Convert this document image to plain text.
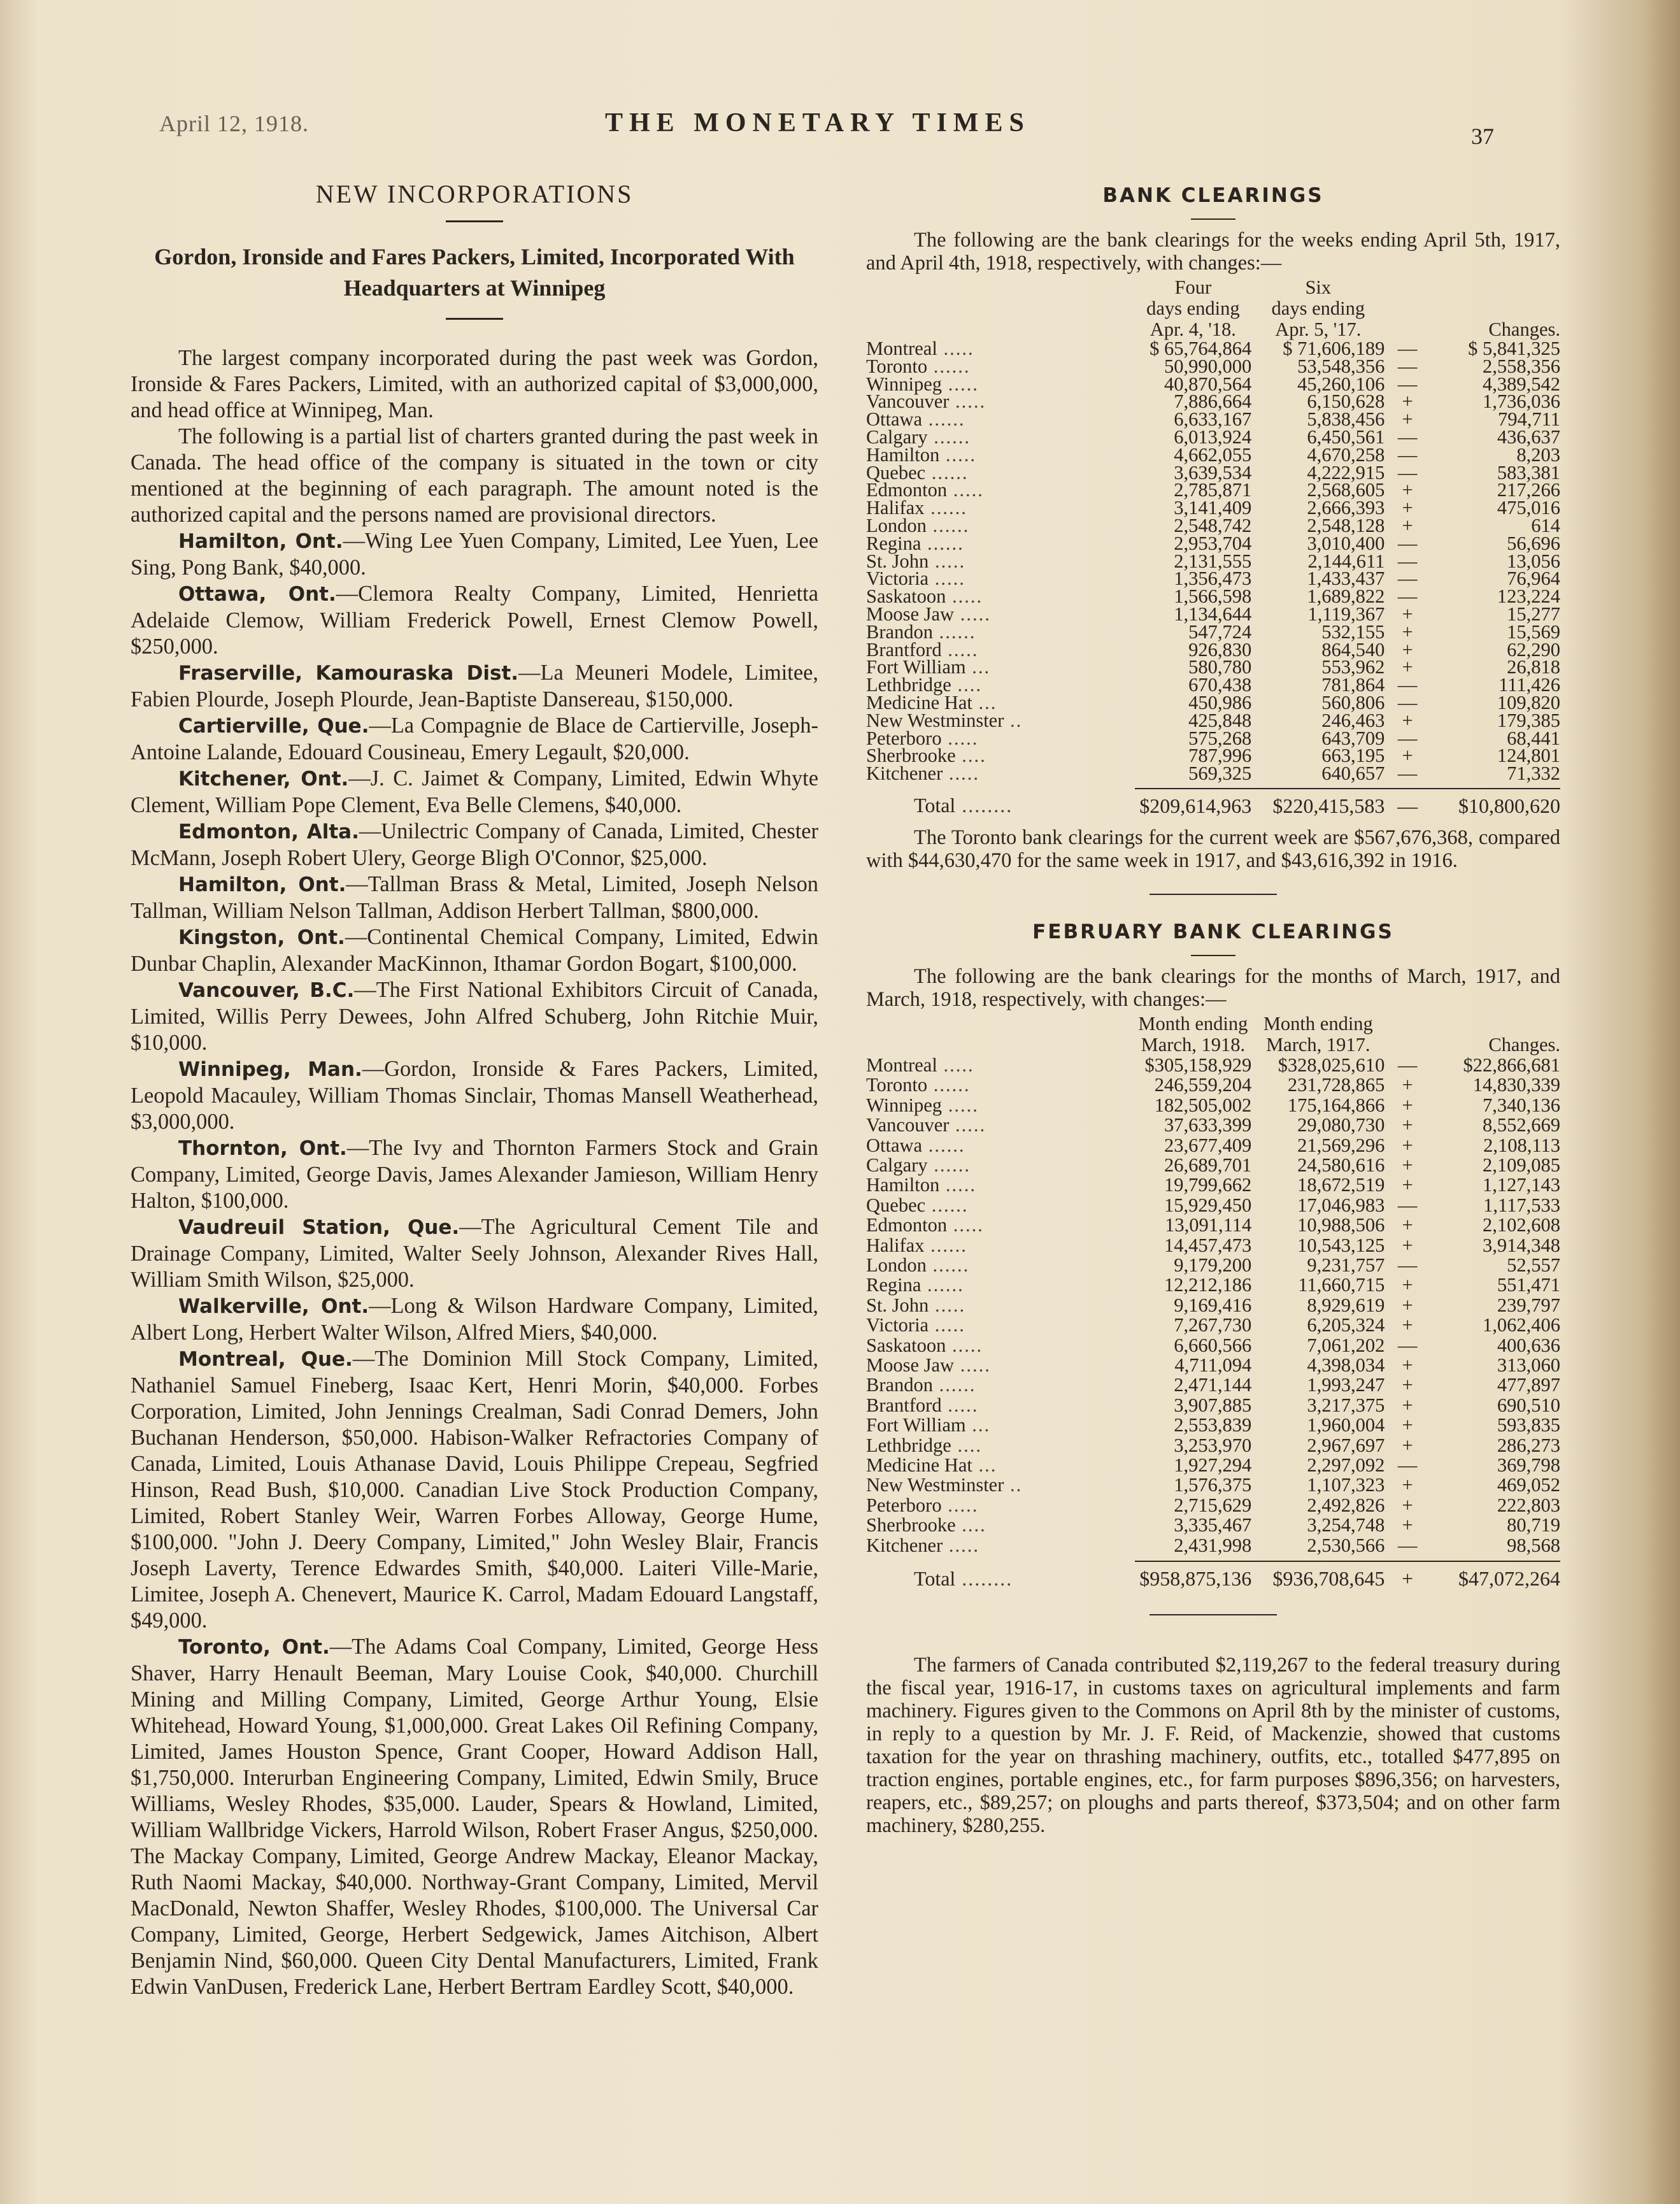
April 12, 1918.	THE MONETARY TIMES	37
NEW INCORPORATIONS
Gordon, Ironside and Fares Packers, Limited, Incorporated With Headquarters at Winnipeg

The largest company incorporated during the past week was Gordon, Ironside & Fares Packers, Limited, with an authorized capital of $3,000,000, and head office at Winnipeg, Man.

The following is a partial list of charters granted during the past week in Canada. The head office of the company is situated in the town or city mentioned at the beginning of each paragraph. The amount noted is the authorized capital and the persons named are provisional directors.

Hamilton, Ont.—Wing Lee Yuen Company, Limited, Lee Yuen, Lee Sing, Pong Bank, $40,000.

Ottawa, Ont.—Clemora Realty Company, Limited, Henrietta Adelaide Clemow, William Frederick Powell, Ernest Clemow Powell, $250,000.

Fraserville, Kamouraska Dist.—La Meuneri Modele, Limitee, Fabien Plourde, Joseph Plourde, Jean-Baptiste Dansereau, $150,000.

Cartierville, Que.—La Compagnie de Blace de Cartierville, Joseph-Antoine Lalande, Edouard Cousineau, Emery Legault, $20,000.

Kitchener, Ont.—J. C. Jaimet & Company, Limited, Edwin Whyte Clement, William Pope Clement, Eva Belle Clemens, $40,000.

Edmonton, Alta.—Unilectric Company of Canada, Limited, Chester McMann, Joseph Robert Ulery, George Bligh O'Connor, $25,000.

Hamilton, Ont.—Tallman Brass & Metal, Limited, Joseph Nelson Tallman, William Nelson Tallman, Addison Herbert Tallman, $800,000.

Kingston, Ont.—Continental Chemical Company, Limited, Edwin Dunbar Chaplin, Alexander MacKinnon, Ithamar Gordon Bogart, $100,000.

Vancouver, B.C.—The First National Exhibitors Circuit of Canada, Limited, Willis Perry Dewees, John Alfred Schuberg, John Ritchie Muir, $10,000.

Winnipeg, Man.—Gordon, Ironside & Fares Packers, Limited, Leopold Macauley, William Thomas Sinclair, Thomas Mansell Weatherhead, $3,000,000.

Thornton, Ont.—The Ivy and Thornton Farmers Stock and Grain Company, Limited, George Davis, James Alexander Jamieson, William Henry Halton, $100,000.

Vaudreuil Station, Que.—The Agricultural Cement Tile and Drainage Company, Limited, Walter Seely Johnson, Alexander Rives Hall, William Smith Wilson, $25,000.

Walkerville, Ont.—Long & Wilson Hardware Company, Limited, Albert Long, Herbert Walter Wilson, Alfred Miers, $40,000.

Montreal, Que.—The Dominion Mill Stock Company, Limited, Nathaniel Samuel Fineberg, Isaac Kert, Henri Morin, $40,000. Forbes Corporation, Limited, John Jennings Crealman, Sadi Conrad Demers, John Buchanan Henderson, $50,000. Habison-Walker Refractories Company of Canada, Limited, Louis Athanase David, Louis Philippe Crepeau, Segfried Hinson, Read Bush, $10,000. Canadian Live Stock Production Company, Limited, Robert Stanley Weir, Warren Forbes Alloway, George Hume, $100,000. "John J. Deery Company, Limited," John Wesley Blair, Francis Joseph Laverty, Terence Edwardes Smith, $40,000. Laiteri Ville-Marie, Limitee, Joseph A. Chenevert, Maurice K. Carrol, Madam Edouard Langstaff, $49,000.

Toronto, Ont.—The Adams Coal Company, Limited, George Hess Shaver, Harry Henault Beeman, Mary Louise Cook, $40,000. Churchill Mining and Milling Company, Limited, George Arthur Young, Elsie Whitehead, Howard Young, $1,000,000. Great Lakes Oil Refining Company, Limited, James Houston Spence, Grant Cooper, Howard Addison Hall, $1,750,000. Interurban Engineering Company, Limited, Edwin Smily, Bruce Williams, Wesley Rhodes, $35,000. Lauder, Spears & Howland, Limited, William Wallbridge Vickers, Harrold Wilson, Robert Fraser Angus, $250,000. The Mackay Company, Limited, George Andrew Mackay, Eleanor Mackay, Ruth Naomi Mackay, $40,000. Northway-Grant Company, Limited, Mervil MacDonald, Newton Shaffer, Wesley Rhodes, $100,000. The Universal Car Company, Limited, George, Herbert Sedgewick, James Aitchison, Albert Benjamin Nind, $60,000. Queen City Dental Manufacturers, Limited, Frank Edwin VanDusen, Frederick Lane, Herbert Bertram Eardley Scott, $40,000.

BANK CLEARINGS

The following are the bank clearings for the weeks ending April 5th, 1917, and April 4th, 1918, respectively, with changes:—

	Four	Six		
	days ending	days ending		
	Apr. 4, '18.	Apr. 5, '17.	Changes.	
Montreal .....	$ 65,764,864	$ 71,606,189	—	$ 5,841,325
Toronto ......	50,990,000	53,548,356	—	2,558,356
Winnipeg .....	40,870,564	45,260,106	—	4,389,542
Vancouver .....	7,886,664	6,150,628	+	1,736,036
Ottawa ......	6,633,167	5,838,456	+	794,711
Calgary ......	6,013,924	6,450,561	—	436,637
Hamilton .....	4,662,055	4,670,258	—	8,203
Quebec ......	3,639,534	4,222,915	—	583,381
Edmonton .....	2,785,871	2,568,605	+	217,266
Halifax ......	3,141,409	2,666,393	+	475,016
London ......	2,548,742	2,548,128	+	614
Regina ......	2,953,704	3,010,400	—	56,696
St. John .....	2,131,555	2,144,611	—	13,056
Victoria .....	1,356,473	1,433,437	—	76,964
Saskatoon .....	1,566,598	1,689,822	—	123,224
Moose Jaw .....	1,134,644	1,119,367	+	15,277
Brandon ......	547,724	532,155	+	15,569
Brantford .....	926,830	864,540	+	62,290
Fort William ...	580,780	553,962	+	26,818
Lethbridge ....	670,438	781,864	—	111,426
Medicine Hat ...	450,986	560,806	—	109,820
New Westminster ..	425,848	246,463	+	179,385
Peterboro .....	575,268	643,709	—	68,441
Sherbrooke ....	787,996	663,195	+	124,801
Kitchener .....	569,325	640,657	—	71,332

Total ........	$209,614,963	$220,415,583	—	$10,800,620

The Toronto bank clearings for the current week are $567,676,368, compared with $44,630,470 for the same week in 1917, and $43,616,392 in 1916.

FEBRUARY BANK CLEARINGS

The following are the bank clearings for the months of March, 1917, and March, 1918, respectively, with changes:—

	Month ending	Month ending		
	March, 1918.	March, 1917.	Changes.	
Montreal .....	$305,158,929	$328,025,610	—	$22,866,681
Toronto ......	246,559,204	231,728,865	+	14,830,339
Winnipeg .....	182,505,002	175,164,866	+	7,340,136
Vancouver .....	37,633,399	29,080,730	+	8,552,669
Ottawa ......	23,677,409	21,569,296	+	2,108,113
Calgary ......	26,689,701	24,580,616	+	2,109,085
Hamilton .....	19,799,662	18,672,519	+	1,127,143
Quebec ......	15,929,450	17,046,983	—	1,117,533
Edmonton .....	13,091,114	10,988,506	+	2,102,608
Halifax ......	14,457,473	10,543,125	+	3,914,348
London ......	9,179,200	9,231,757	—	52,557
Regina ......	12,212,186	11,660,715	+	551,471
St. John .....	9,169,416	8,929,619	+	239,797
Victoria .....	7,267,730	6,205,324	+	1,062,406
Saskatoon .....	6,660,566	7,061,202	—	400,636
Moose Jaw .....	4,711,094	4,398,034	+	313,060
Brandon ......	2,471,144	1,993,247	+	477,897
Brantford .....	3,907,885	3,217,375	+	690,510
Fort William ...	2,553,839	1,960,004	+	593,835
Lethbridge ....	3,253,970	2,967,697	+	286,273
Medicine Hat ...	1,927,294	2,297,092	—	369,798
New Westminster ..	1,576,375	1,107,323	+	469,052
Peterboro .....	2,715,629	2,492,826	+	222,803
Sherbrooke ....	3,335,467	3,254,748	+	80,719
Kitchener .....	2,431,998	2,530,566	—	98,568

Total ........	$958,875,136	$936,708,645	+	$47,072,264

The farmers of Canada contributed $2,119,267 to the federal treasury during the fiscal year, 1916-17, in customs taxes on agricultural implements and farm machinery. Figures given to the Commons on April 8th by the minister of customs, in reply to a question by Mr. J. F. Reid, of Mackenzie, showed that customs taxation for the year on thrashing machinery, outfits, etc., totalled $477,895 on traction engines, portable engines, etc., for farm purposes $896,356; on harvesters, reapers, etc., $89,257; on ploughs and parts thereof, $373,504; and on other farm machinery, $280,255.
